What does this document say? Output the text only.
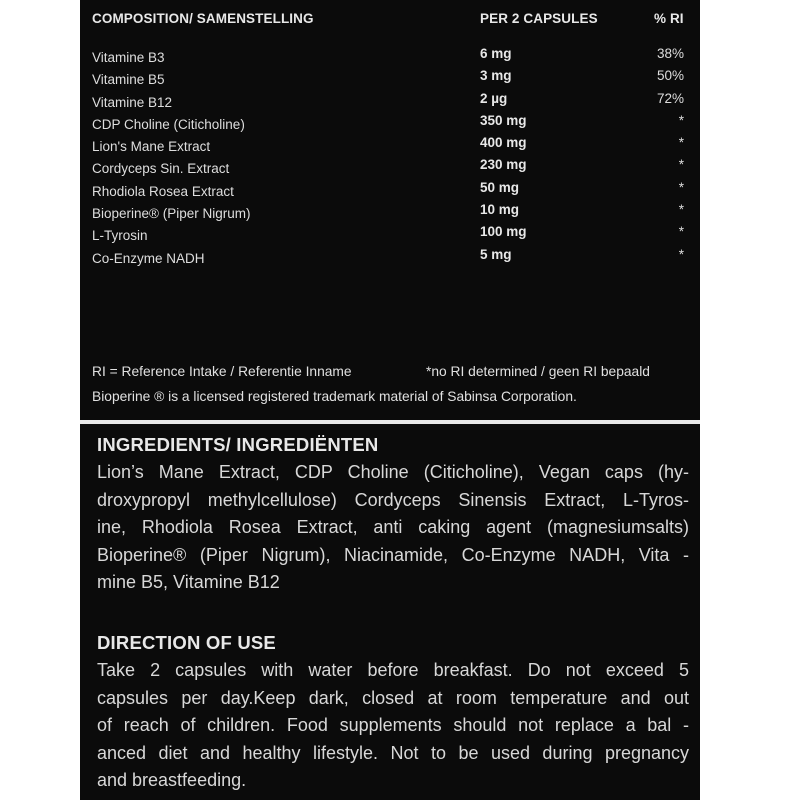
COMPOSITION/ SAMENSTELLING	PER 2 CAPSULES	% RI
Vitamine B3	6 mg	38%
Vitamine B5	3 mg	50%
Vitamine B12	2 µg	72%
CDP Choline (Citicholine)	350 mg	*
Lion's Mane Extract	400 mg	*
Cordyceps Sin. Extract	230 mg	*
Rhodiola Rosea Extract	50 mg	*
Bioperine® (Piper Nigrum)	10 mg	*
L-Tyrosin	100 mg	*
Co-Enzyme NADH	5 mg	*
RI = Reference Intake / Referentie Inname	*no RI determined / geen RI bepaald
Bioperine ® is a licensed registered trademark material of Sabinsa Corporation.
INGREDIENTS/ INGREDIËNTEN
Lion’s Mane Extract, CDP Choline (Citicholine), Vegan caps (hy-
droxypropyl methylcellulose) Cordyceps Sinensis Extract, L-Tyros-
ine, Rhodiola Rosea Extract, anti caking agent (magnesiumsalts)
Bioperine® (Piper Nigrum), Niacinamide, Co-Enzyme NADH, Vita -
mine B5, Vitamine B12
DIRECTION OF USE
Take 2 capsules with water before breakfast. Do not exceed 5
capsules per day.Keep dark, closed at room temperature and out
of reach of children. Food supplements should not replace a bal -
anced diet and healthy lifestyle. Not to be used during pregnancy
and breastfeeding.
